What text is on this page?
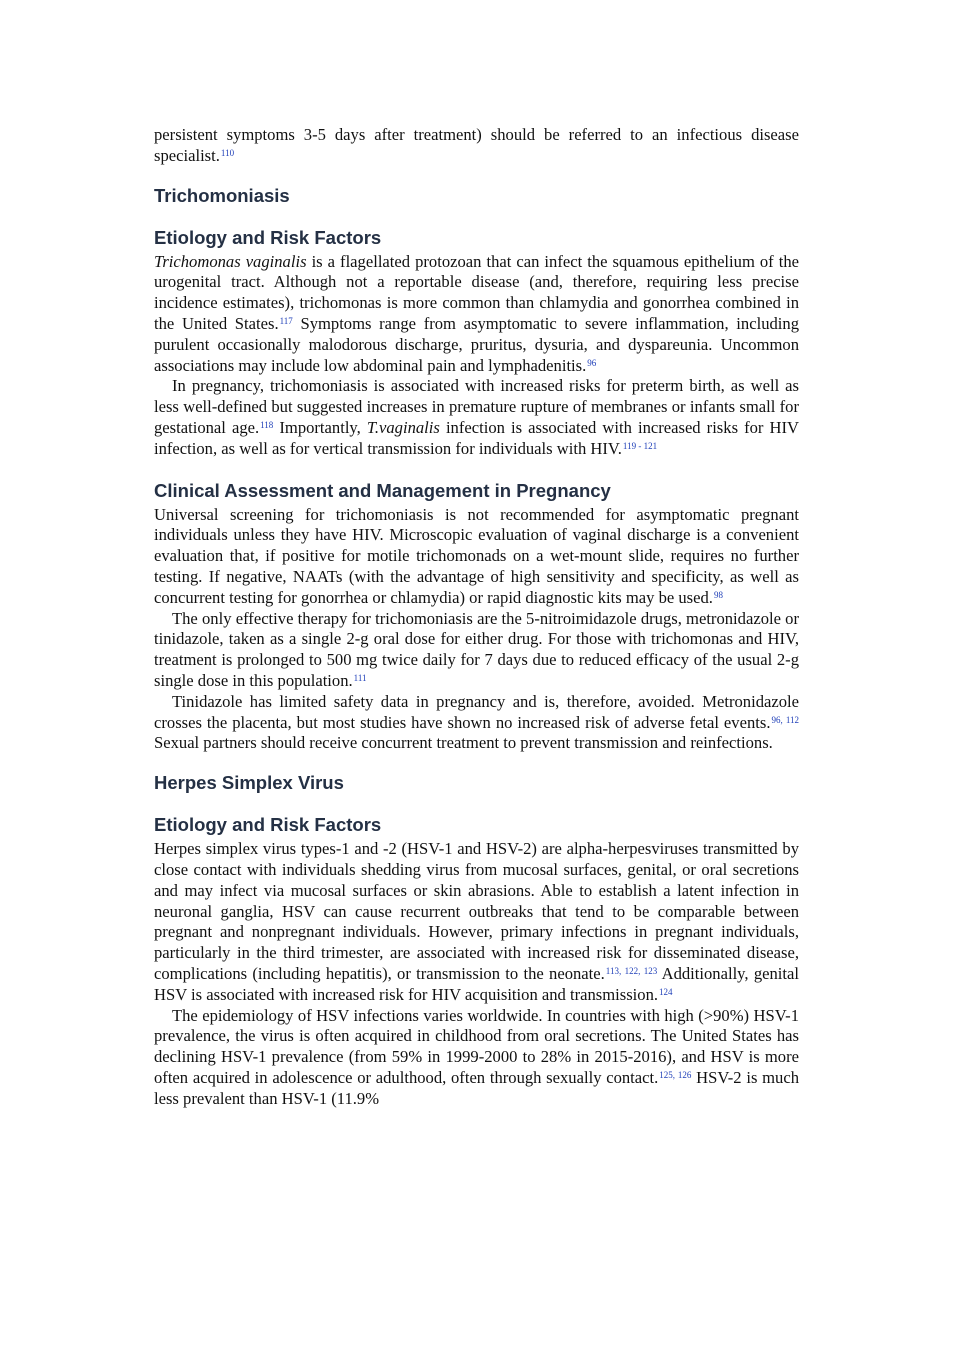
persistent symptoms 3-5 days after treatment) should be referred to an infectious disease specialist.$^{110}$

Trichomoniasis
Etiology and Risk Factors

Trichomonas vaginalis is a flagellated protozoan that can infect the squamous epithelium of the urogenital tract. Although not a reportable disease (and, therefore, requiring less precise incidence estimates), trichomonas is more common than chlamydia and gonorrhea combined in the United States.$^{117}$ Symptoms range from asymptomatic to severe inflammation, including purulent occasionally malodorous discharge, pruritus, dysuria, and dyspareunia. Uncommon associations may include low abdominal pain and lymphadenitis.$^{96}$

In pregnancy, trichomoniasis is associated with increased risks for preterm birth, as well as less well-defined but suggested increases in premature rupture of membranes or infants small for gestational age.$^{118}$ Importantly, T.vaginalis infection is associated with increased risks for HIV infection, as well as for vertical transmission for individuals with HIV.$^{119 - 121}$

Clinical Assessment and Management in Pregnancy

Universal screening for trichomoniasis is not recommended for asymptomatic pregnant individuals unless they have HIV. Microscopic evaluation of vaginal discharge is a convenient evaluation that, if positive for motile trichomonads on a wet-mount slide, requires no further testing. If negative, NAATs (with the advantage of high sensitivity and specificity, as well as concurrent testing for gonorrhea or chlamydia) or rapid diagnostic kits may be used.$^{98}$

The only effective therapy for trichomoniasis are the 5-nitroimidazole drugs, metronidazole or tinidazole, taken as a single 2-g oral dose for either drug. For those with trichomonas and HIV, treatment is prolonged to 500 mg twice daily for 7 days due to reduced efficacy of the usual 2-g single dose in this population.$^{111}$

Tinidazole has limited safety data in pregnancy and is, therefore, avoided. Metronidazole crosses the placenta, but most studies have shown no increased risk of adverse fetal events.$^{96, 112}$ Sexual partners should receive concurrent treatment to prevent transmission and reinfections.

Herpes Simplex Virus
Etiology and Risk Factors

Herpes simplex virus types-1 and -2 (HSV-1 and HSV-2) are alpha-herpesviruses transmitted by close contact with individuals shedding virus from mucosal surfaces, genital, or oral secretions and may infect via mucosal surfaces or skin abrasions. Able to establish a latent infection in neuronal ganglia, HSV can cause recurrent outbreaks that tend to be comparable between pregnant and nonpregnant individuals. However, primary infections in pregnant individuals, particularly in the third trimester, are associated with increased risk for disseminated disease, complications (including hepatitis), or transmission to the neonate.$^{113, 122, 123}$ Additionally, genital HSV is associated with increased risk for HIV acquisition and transmission.$^{124}$

The epidemiology of HSV infections varies worldwide. In countries with high (>90%) HSV-1 prevalence, the virus is often acquired in childhood from oral secretions. The United States has declining HSV-1 prevalence (from 59% in 1999-2000 to 28% in 2015-2016), and HSV is more often acquired in adolescence or adulthood, often through sexually contact.$^{125, 126}$ HSV-2 is much less prevalent than HSV-1 (11.9%
